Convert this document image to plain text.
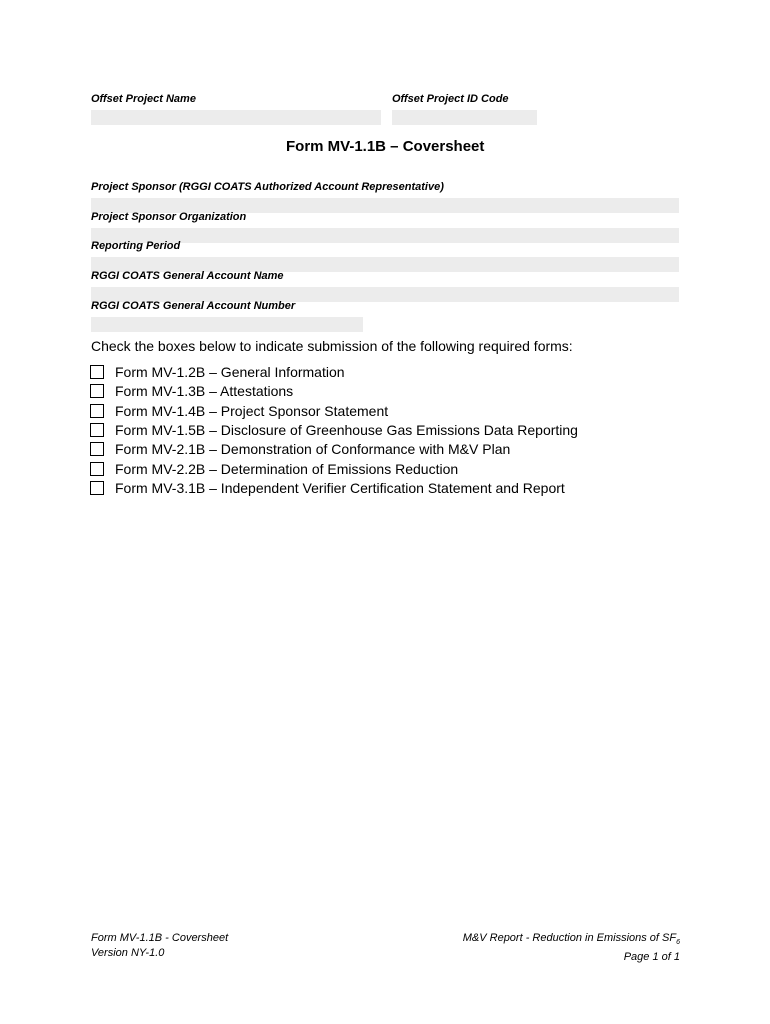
Offset Project Name	Offset Project ID Code
Form MV-1.1B – Coversheet
Project Sponsor (RGGI COATS Authorized Account Representative)
Project Sponsor Organization
Reporting Period
RGGI COATS General Account Name
RGGI COATS General Account Number
Check the boxes below to indicate submission of the following required forms:
Form MV-1.2B – General Information
Form MV-1.3B – Attestations
Form MV-1.4B – Project Sponsor Statement
Form MV-1.5B – Disclosure of Greenhouse Gas Emissions Data Reporting
Form MV-2.1B – Demonstration of Conformance with M&V Plan
Form MV-2.2B – Determination of Emissions Reduction
Form MV-3.1B – Independent Verifier Certification Statement and Report
Form MV-1.1B - Coversheet
Version NY-1.0
M&V Report - Reduction in Emissions of $SF_6$
Page 1 of 1
